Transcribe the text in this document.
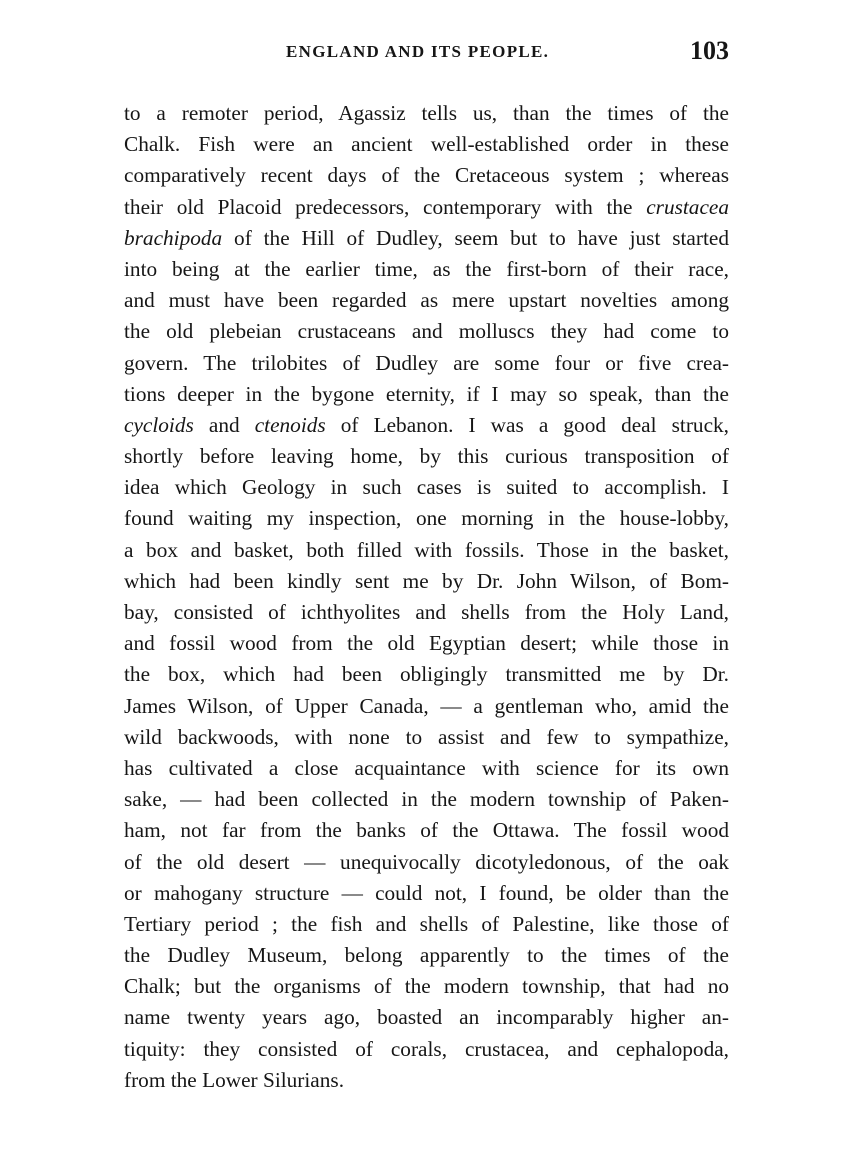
ENGLAND AND ITS PEOPLE.	103
to a remoter period, Agassiz tells us, than the times of the
Chalk. Fish were an ancient well-established order in these
comparatively recent days of the Cretaceous system ; whereas
their old Placoid predecessors, contemporary with the crustacea
brachipoda of the Hill of Dudley, seem but to have just started
into being at the earlier time, as the first-born of their race,
and must have been regarded as mere upstart novelties among
the old plebeian crustaceans and molluscs they had come to
govern. The trilobites of Dudley are some four or five crea-
tions deeper in the bygone eternity, if I may so speak, than the
cycloids and ctenoids of Lebanon. I was a good deal struck,
shortly before leaving home, by this curious transposition of
idea which Geology in such cases is suited to accomplish. I
found waiting my inspection, one morning in the house-lobby,
a box and basket, both filled with fossils. Those in the basket,
which had been kindly sent me by Dr. John Wilson, of Bom-
bay, consisted of ichthyolites and shells from the Holy Land,
and fossil wood from the old Egyptian desert; while those in
the box, which had been obligingly transmitted me by Dr.
James Wilson, of Upper Canada, — a gentleman who, amid the
wild backwoods, with none to assist and few to sympathize,
has cultivated a close acquaintance with science for its own
sake, — had been collected in the modern township of Paken-
ham, not far from the banks of the Ottawa. The fossil wood
of the old desert — unequivocally dicotyledonous, of the oak
or mahogany structure — could not, I found, be older than the
Tertiary period ; the fish and shells of Palestine, like those of
the Dudley Museum, belong apparently to the times of the
Chalk; but the organisms of the modern township, that had no
name twenty years ago, boasted an incomparably higher an-
tiquity: they consisted of corals, crustacea, and cephalopoda,
from the Lower Silurians.
